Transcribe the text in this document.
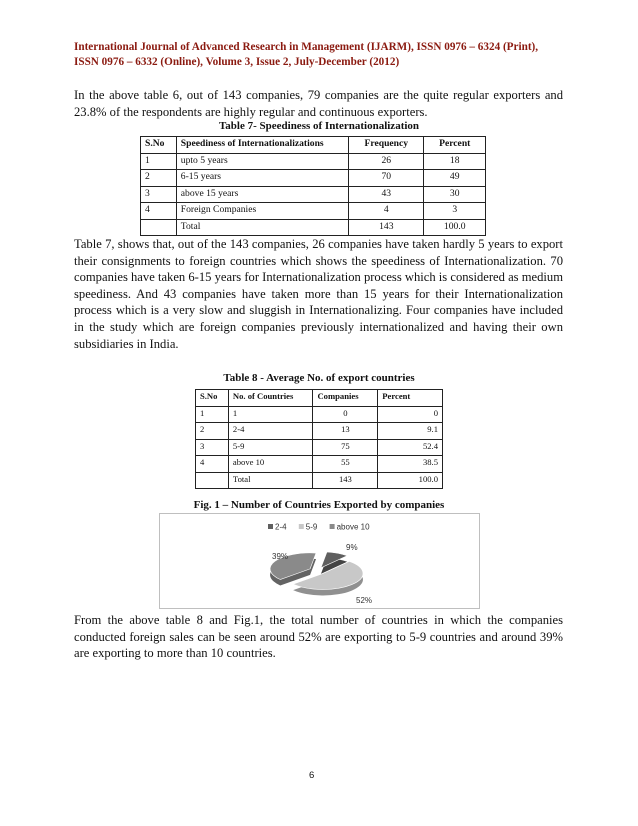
International Journal of Advanced Research in Management (IJARM), ISSN 0976 – 6324 (Print),
ISSN 0976 – 6332 (Online), Volume 3, Issue 2, July-December (2012)
In the above table 6, out of 143 companies, 79 companies are the quite regular exporters and 23.8% of the respondents are highly regular and continuous exporters.
Table 7- Speediness of Internationalization
S.No	Speediness of Internationalizations	Frequency	Percent
1	upto 5 years	26	18
2	6-15 years	70	49
3	above 15 years	43	30
4	Foreign Companies	4	3
	Total	143	100.0
Table 7, shows that, out of the 143 companies, 26 companies have taken hardly 5 years to export their consignments to foreign countries which shows the speediness of Internationalization. 70 companies have taken 6-15 years for Internationalization process which is considered as medium speediness. And 43 companies have taken more than 15 years for their Internationalization process which is a very slow and sluggish in Internationalizing. Four companies have included in the study which are foreign companies previously internationalized and having their own subsidiaries in India.
Table 8 - Average No. of export countries
S.No	No. of Countries	Companies	Percent
1	1	0	0
2	2-4	13	9.1
3	5-9	75	52.4
4	above 10	55	38.5
	Total	143	100.0
Fig. 1 – Number of Countries Exported by companies
2-4 5-9 above 10
9%
52%
39%
From the above table 8 and Fig.1, the total number of countries in which the companies conducted foreign sales can be seen around 52% are exporting to 5-9 countries and around 39% are exporting to more than 10 countries.
6
